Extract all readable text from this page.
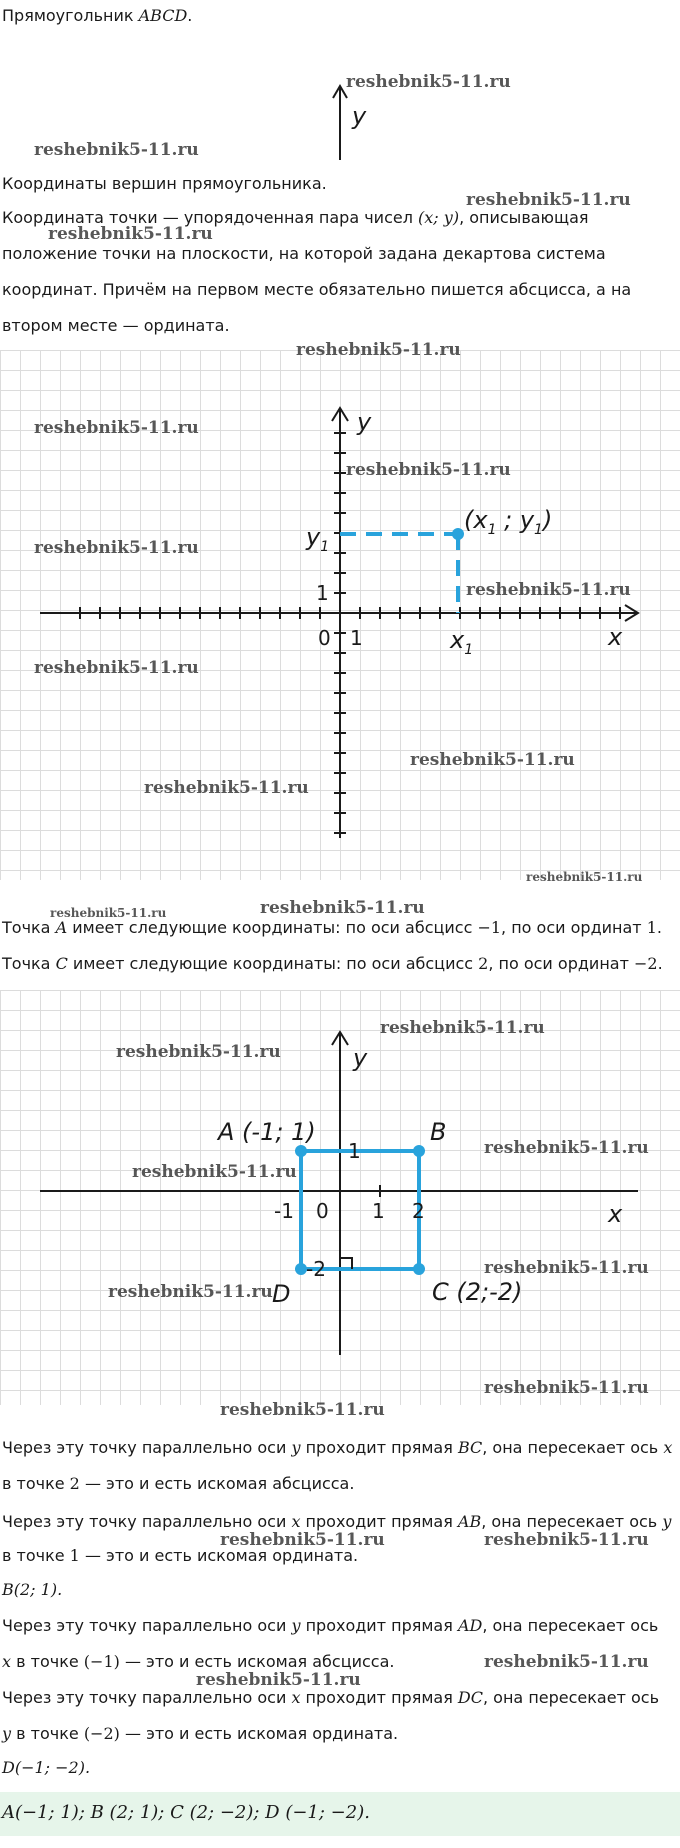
Прямоугольник ABCD.
y
reshebnik5-11.ru
reshebnik5-11.ru
Координаты вершин прямоугольника.
reshebnik5-11.ru
Координата точки — упорядоченная пара чисел (x; y), описывающая
reshebnik5-11.ru
положение точки на плоскости, на которой задана декартова система
координат. Причём на первом месте обязательно пишется абсцисса, а на
втором месте — ордината.
y
x
0 1
1
$y_1$
$x_1$
($x_1$ ; $y_1$)
reshebnik5-11.ru
reshebnik5-11.ru
reshebnik5-11.ru
reshebnik5-11.ru
reshebnik5-11.ru
reshebnik5-11.ru
reshebnik5-11.ru
reshebnik5-11.ru
reshebnik5-11.ru
reshebnik5-11.ru
reshebnik5-11.ru
Точка A имеет следующие координаты: по оси абсцисс −1, по оси ординат 1.
Точка C имеет следующие координаты: по оси абсцисс 2, по оси ординат −2.
y
x
A (-1; 1)	B
C (2;-2)
D
-1 0 1 2
1
-2
reshebnik5-11.ru
reshebnik5-11.ru
reshebnik5-11.ru
reshebnik5-11.ru
reshebnik5-11.ru
reshebnik5-11.ru
reshebnik5-11.ru
reshebnik5-11.ru
Через эту точку параллельно оси y проходит прямая BC, она пересекает ось x
в точке 2 — это и есть искомая абсцисса.
Через эту точку параллельно оси x проходит прямая AB, она пересекает ось y
reshebnik5-11.ru	reshebnik5-11.ru
в точке 1 — это и есть искомая ордината.
B(2; 1).
Через эту точку параллельно оси y проходит прямая AD, она пересекает ось
x в точке (−1) — это и есть искомая абсцисса.	reshebnik5-11.ru
reshebnik5-11.ru
Через эту точку параллельно оси x проходит прямая DC, она пересекает ось
y в точке (−2) — это и есть искомая ордината.
D(−1; −2).
A(−1; 1); B (2; 1); C (2; −2); D (−1; −2).
